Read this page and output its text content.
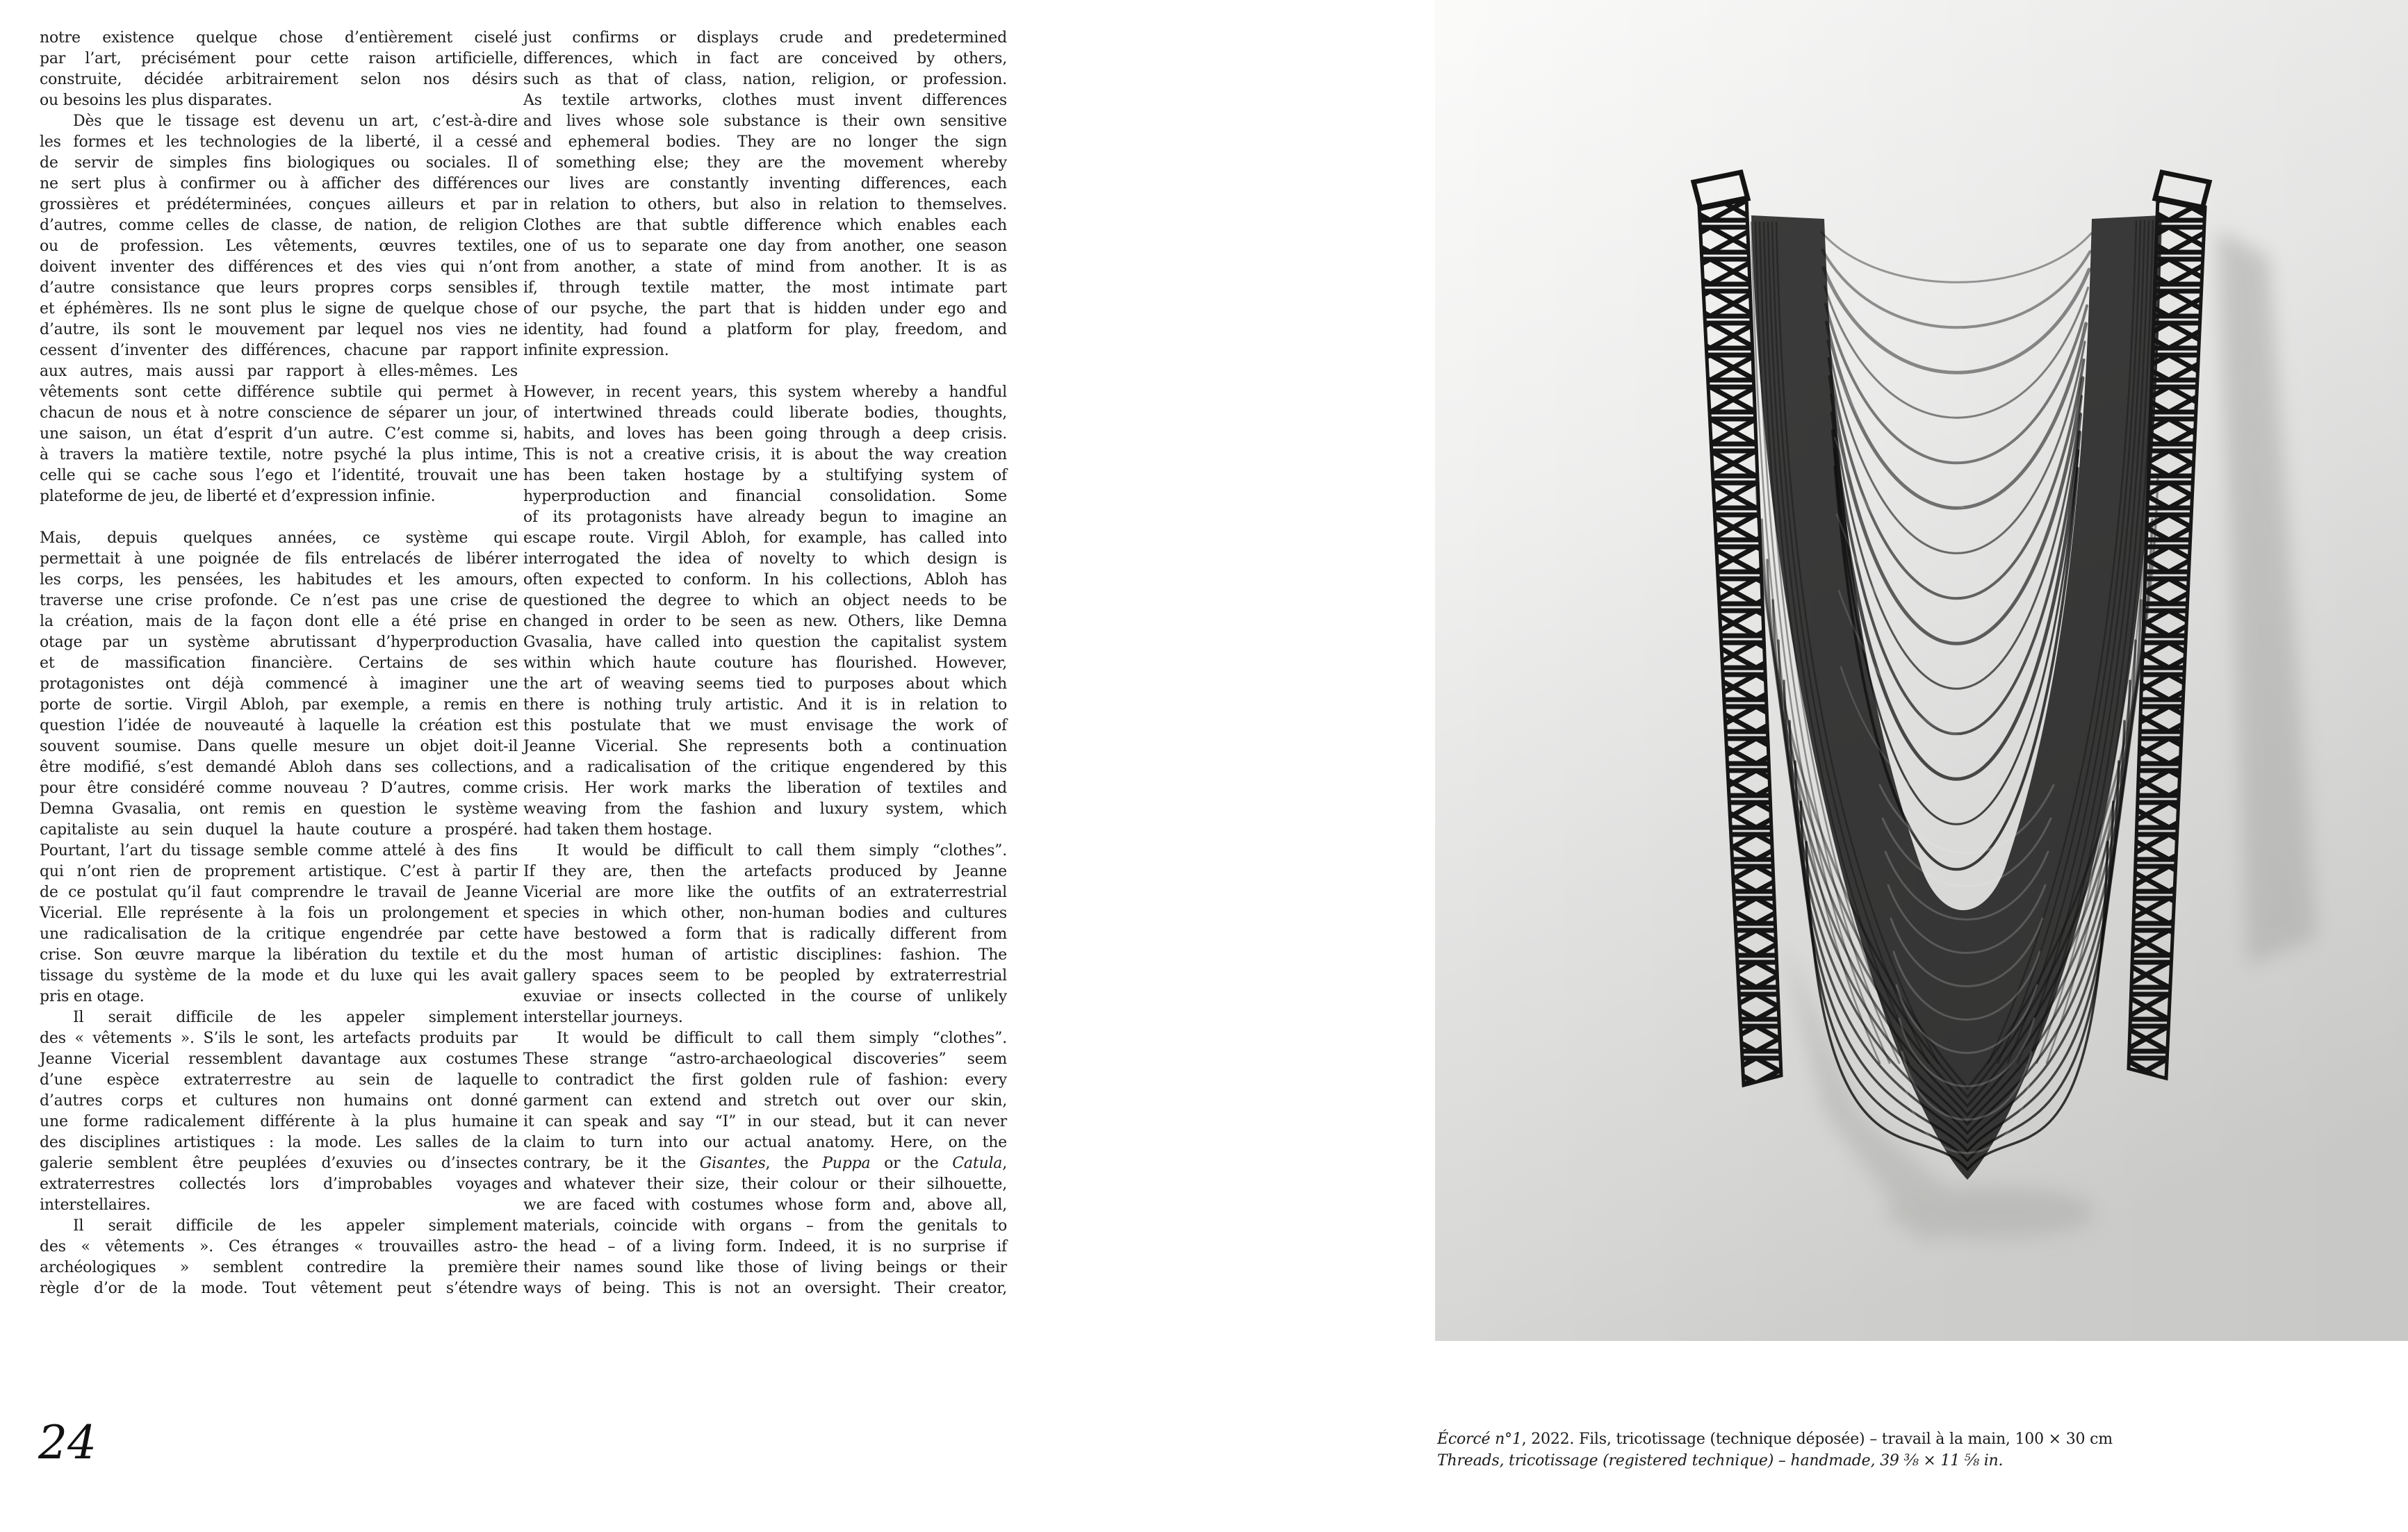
notre existence quelque chose d’entièrement ciselé
par l’art, précisément pour cette raison artificielle,
construite, décidée arbitrairement selon nos désirs
ou besoins les plus disparates.
Dès que le tissage est devenu un art, c’est-à-dire
les formes et les technologies de la liberté, il a cessé
de servir de simples fins biologiques ou sociales. Il
ne sert plus à confirmer ou à afficher des différences
grossières et prédéterminées, conçues ailleurs et par
d’autres, comme celles de classe, de nation, de religion
ou de profession. Les vêtements, œuvres textiles,
doivent inventer des différences et des vies qui n’ont
d’autre consistance que leurs propres corps sensibles
et éphémères. Ils ne sont plus le signe de quelque chose
d’autre, ils sont le mouvement par lequel nos vies ne
cessent d’inventer des différences, chacune par rapport
aux autres, mais aussi par rapport à elles-mêmes. Les
vêtements sont cette différence subtile qui permet à
chacun de nous et à notre conscience de séparer un jour,
une saison, un état d’esprit d’un autre. C’est comme si,
à travers la matière textile, notre psyché la plus intime,
celle qui se cache sous l’ego et l’identité, trouvait une
plateforme de jeu, de liberté et d’expression infinie.
Mais, depuis quelques années, ce système qui
permettait à une poignée de fils entrelacés de libérer
les corps, les pensées, les habitudes et les amours,
traverse une crise profonde. Ce n’est pas une crise de
la création, mais de la façon dont elle a été prise en
otage par un système abrutissant d’hyperproduction
et de massification financière. Certains de ses
protagonistes ont déjà commencé à imaginer une
porte de sortie. Virgil Abloh, par exemple, a remis en
question l’idée de nouveauté à laquelle la création est
souvent soumise. Dans quelle mesure un objet doit-il
être modifié, s’est demandé Abloh dans ses collections,
pour être considéré comme nouveau ? D’autres, comme
Demna Gvasalia, ont remis en question le système
capitaliste au sein duquel la haute couture a prospéré.
Pourtant, l’art du tissage semble comme attelé à des fins
qui n’ont rien de proprement artistique. C’est à partir
de ce postulat qu’il faut comprendre le travail de Jeanne
Vicerial. Elle représente à la fois un prolongement et
une radicalisation de la critique engendrée par cette
crise. Son œuvre marque la libération du textile et du
tissage du système de la mode et du luxe qui les avait
pris en otage.
Il serait difficile de les appeler simplement
des « vêtements ». S’ils le sont, les artefacts produits par
Jeanne Vicerial ressemblent davantage aux costumes
d’une espèce extraterrestre au sein de laquelle
d’autres corps et cultures non humains ont donné
une forme radicalement différente à la plus humaine
des disciplines artistiques : la mode. Les salles de la
galerie semblent être peuplées d’exuvies ou d’insectes
extraterrestres collectés lors d’improbables voyages
interstellaires.
Il serait difficile de les appeler simplement
des « vêtements ». Ces étranges « trouvailles astro-
archéologiques » semblent contredire la première
règle d’or de la mode. Tout vêtement peut s’étendre
just confirms or displays crude and predetermined
differences, which in fact are conceived by others,
such as that of class, nation, religion, or profession.
As textile artworks, clothes must invent differences
and lives whose sole substance is their own sensitive
and ephemeral bodies. They are no longer the sign
of something else; they are the movement whereby
our lives are constantly inventing differences, each
in relation to others, but also in relation to themselves.
Clothes are that subtle difference which enables each
one of us to separate one day from another, one season
from another, a state of mind from another. It is as
if, through textile matter, the most intimate part
of our psyche, the part that is hidden under ego and
identity, had found a platform for play, freedom, and
infinite expression.
However, in recent years, this system whereby a handful
of intertwined threads could liberate bodies, thoughts,
habits, and loves has been going through a deep crisis.
This is not a creative crisis, it is about the way creation
has been taken hostage by a stultifying system of
hyperproduction and financial consolidation. Some
of its protagonists have already begun to imagine an
escape route. Virgil Abloh, for example, has called into
interrogated the idea of novelty to which design is
often expected to conform. In his collections, Abloh has
questioned the degree to which an object needs to be
changed in order to be seen as new. Others, like Demna
Gvasalia, have called into question the capitalist system
within which haute couture has flourished. However,
the art of weaving seems tied to purposes about which
there is nothing truly artistic. And it is in relation to
this postulate that we must envisage the work of
Jeanne Vicerial. She represents both a continuation
and a radicalisation of the critique engendered by this
crisis. Her work marks the liberation of textiles and
weaving from the fashion and luxury system, which
had taken them hostage.
It would be difficult to call them simply “clothes”.
If they are, then the artefacts produced by Jeanne
Vicerial are more like the outfits of an extraterrestrial
species in which other, non-human bodies and cultures
have bestowed a form that is radically different from
the most human of artistic disciplines: fashion. The
gallery spaces seem to be peopled by extraterrestrial
exuviae or insects collected in the course of unlikely
interstellar journeys.
It would be difficult to call them simply “clothes”.
These strange “astro-archaeological discoveries” seem
to contradict the first golden rule of fashion: every
garment can extend and stretch out over our skin,
it can speak and say “I” in our stead, but it can never
claim to turn into our actual anatomy. Here, on the
contrary, be it the Gisantes, the Puppa or the Catula,
and whatever their size, their colour or their silhouette,
we are faced with costumes whose form and, above all,
materials, coincide with organs – from the genitals to
the head – of a living form. Indeed, it is no surprise if
their names sound like those of living beings or their
ways of being. This is not an oversight. Their creator,
Écorcé n°1, 2022. Fils, tricotissage (technique déposée) – travail à la main, 100 × 30 cm
Threads, tricotissage (registered technique) – handmade, 39 ⅜ × 11 ⅝ in.
24
